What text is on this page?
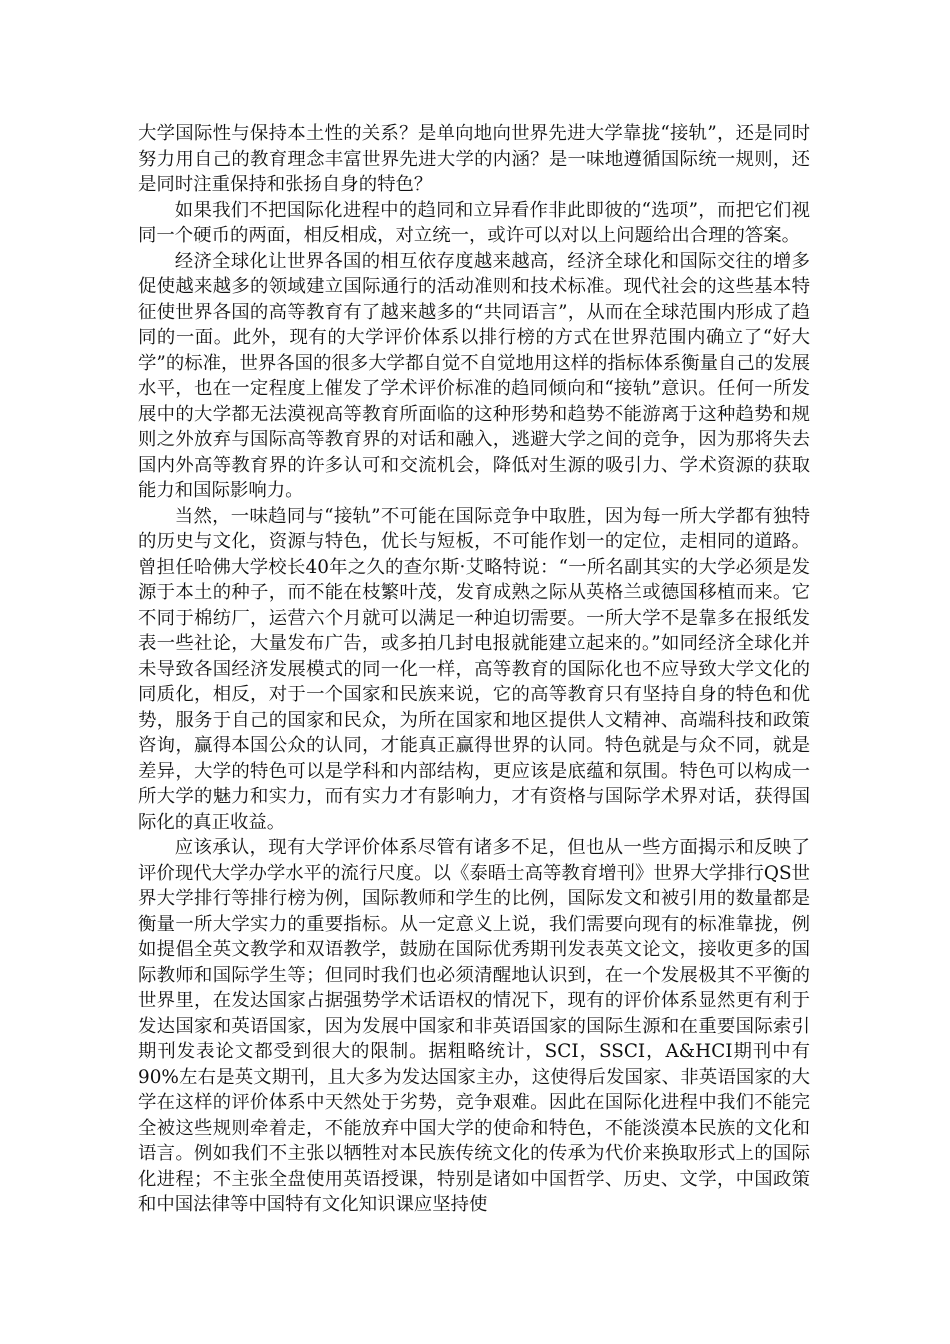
大学国际性与保持本土性的关系？是单向地向世界先进大学靠拢“接轨”，还是同时努力用自己的教育理念丰富世界先进大学的内涵？是一味地遵循国际统一规则，还是同时注重保持和张扬自身的特色？

如果我们不把国际化进程中的趋同和立异看作非此即彼的“选项”，而把它们视同一个硬币的两面，相反相成，对立统一，或许可以对以上问题给出合理的答案。

经济全球化让世界各国的相互依存度越来越高，经济全球化和国际交往的增多促使越来越多的领域建立国际通行的活动准则和技术标准。现代社会的这些基本特征使世界各国的高等教育有了越来越多的“共同语言”，从而在全球范围内形成了趋同的一面。此外，现有的大学评价体系以排行榜的方式在世界范围内确立了“好大学”的标准，世界各国的很多大学都自觉不自觉地用这样的指标体系衡量自己的发展水平，也在一定程度上催发了学术评价标准的趋同倾向和“接轨”意识。任何一所发展中的大学都无法漠视高等教育所面临的这种形势和趋势不能游离于这种趋势和规则之外放弃与国际高等教育界的对话和融入，逃避大学之间的竞争，因为那将失去国内外高等教育界的许多认可和交流机会，降低对生源的吸引力、学术资源的获取能力和国际影响力。

当然，一味趋同与“接轨”不可能在国际竞争中取胜，因为每一所大学都有独特的历史与文化，资源与特色，优长与短板，不可能作划一的定位，走相同的道路。曾担任哈佛大学校长40年之久的查尔斯·艾略特说：“一所名副其实的大学必须是发源于本土的种子，而不能在枝繁叶茂，发育成熟之际从英格兰或德国移植而来。它不同于棉纺厂，运营六个月就可以满足一种迫切需要。一所大学不是靠多在报纸发表一些社论，大量发布广告，或多拍几封电报就能建立起来的。”如同经济全球化并未导致各国经济发展模式的同一化一样，高等教育的国际化也不应导致大学文化的同质化，相反，对于一个国家和民族来说，它的高等教育只有坚持自身的特色和优势，服务于自己的国家和民众，为所在国家和地区提供人文精神、高端科技和政策咨询，赢得本国公众的认同，才能真正赢得世界的认同。特色就是与众不同，就是差异，大学的特色可以是学科和内部结构，更应该是底蕴和氛围。特色可以构成一所大学的魅力和实力，而有实力才有影响力，才有资格与国际学术界对话，获得国际化的真正收益。

应该承认，现有大学评价体系尽管有诸多不足，但也从一些方面揭示和反映了评价现代大学办学水平的流行尺度。以《泰晤士高等教育增刊》世界大学排行QS世界大学排行等排行榜为例，国际教师和学生的比例，国际发文和被引用的数量都是衡量一所大学实力的重要指标。从一定意义上说，我们需要向现有的标准靠拢，例如提倡全英文教学和双语教学，鼓励在国际优秀期刊发表英文论文，接收更多的国际教师和国际学生等；但同时我们也必须清醒地认识到，在一个发展极其不平衡的世界里，在发达国家占据强势学术话语权的情况下，现有的评价体系显然更有利于发达国家和英语国家，因为发展中国家和非英语国家的国际生源和在重要国际索引期刊发表论文都受到很大的限制。据粗略统计，SCI，SSCI，A&HCI期刊中有90%左右是英文期刊，且大多为发达国家主办，这使得后发国家、非英语国家的大学在这样的评价体系中天然处于劣势，竞争艰难。因此在国际化进程中我们不能完全被这些规则牵着走，不能放弃中国大学的使命和特色，不能淡漠本民族的文化和语言。例如我们不主张以牺牲对本民族传统文化的传承为代价来换取形式上的国际化进程；不主张全盘使用英语授课，特别是诸如中国哲学、历史、文学，中国政策和中国法律等中国特有文化知识课应坚持使
